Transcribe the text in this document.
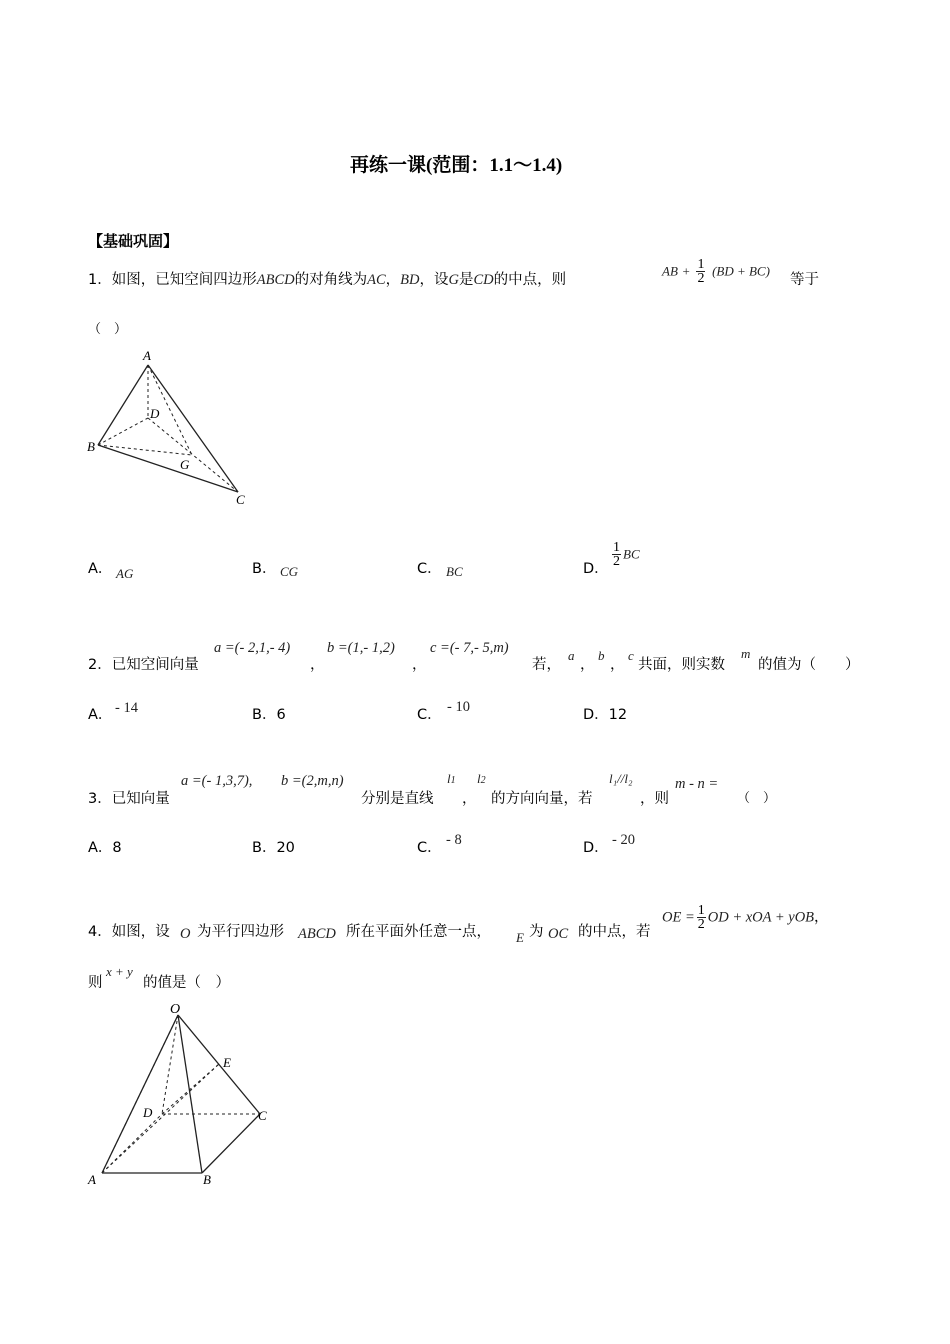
再练一课(范围：1.1～1.4)
【基础巩固】
1．如图，已知空间四边形ABCD的对角线为AC，BD，设G是CD的中点，则
AB + $\frac{1}{2} (BD + BC)$
等于
（　）
A
B
C
D
G
A． AG	B． CG	C． BC	D．
$\frac{1}{2}$ BC
2．已知空间向量
a =(- 2,1,- 4)
，
b =(1,- 1,2)
，
c =(- 7,- 5,m)
若，
a
，
b
，
c
共面，则实数
m
的值为（　　）
A． - 14	B．6	C． - 10	D．12
3．已知向量
a =(- 1,3,7), b =(2,m,n)
分别是直线
l1
，
l2
的方向向量，若
l₁//l₂
，则
m - n =
（　）
A．8	B．20	C． - 8	D． - 20
4．如图，设 O 为平行四边形 ABCD 所在平面外任意一点， E 为 OC 的中点，若
OE = $\frac{1}{2}$ OD + xOA + yOB，
则
x + y
的值是（　）
O
E
D	C
A	B
